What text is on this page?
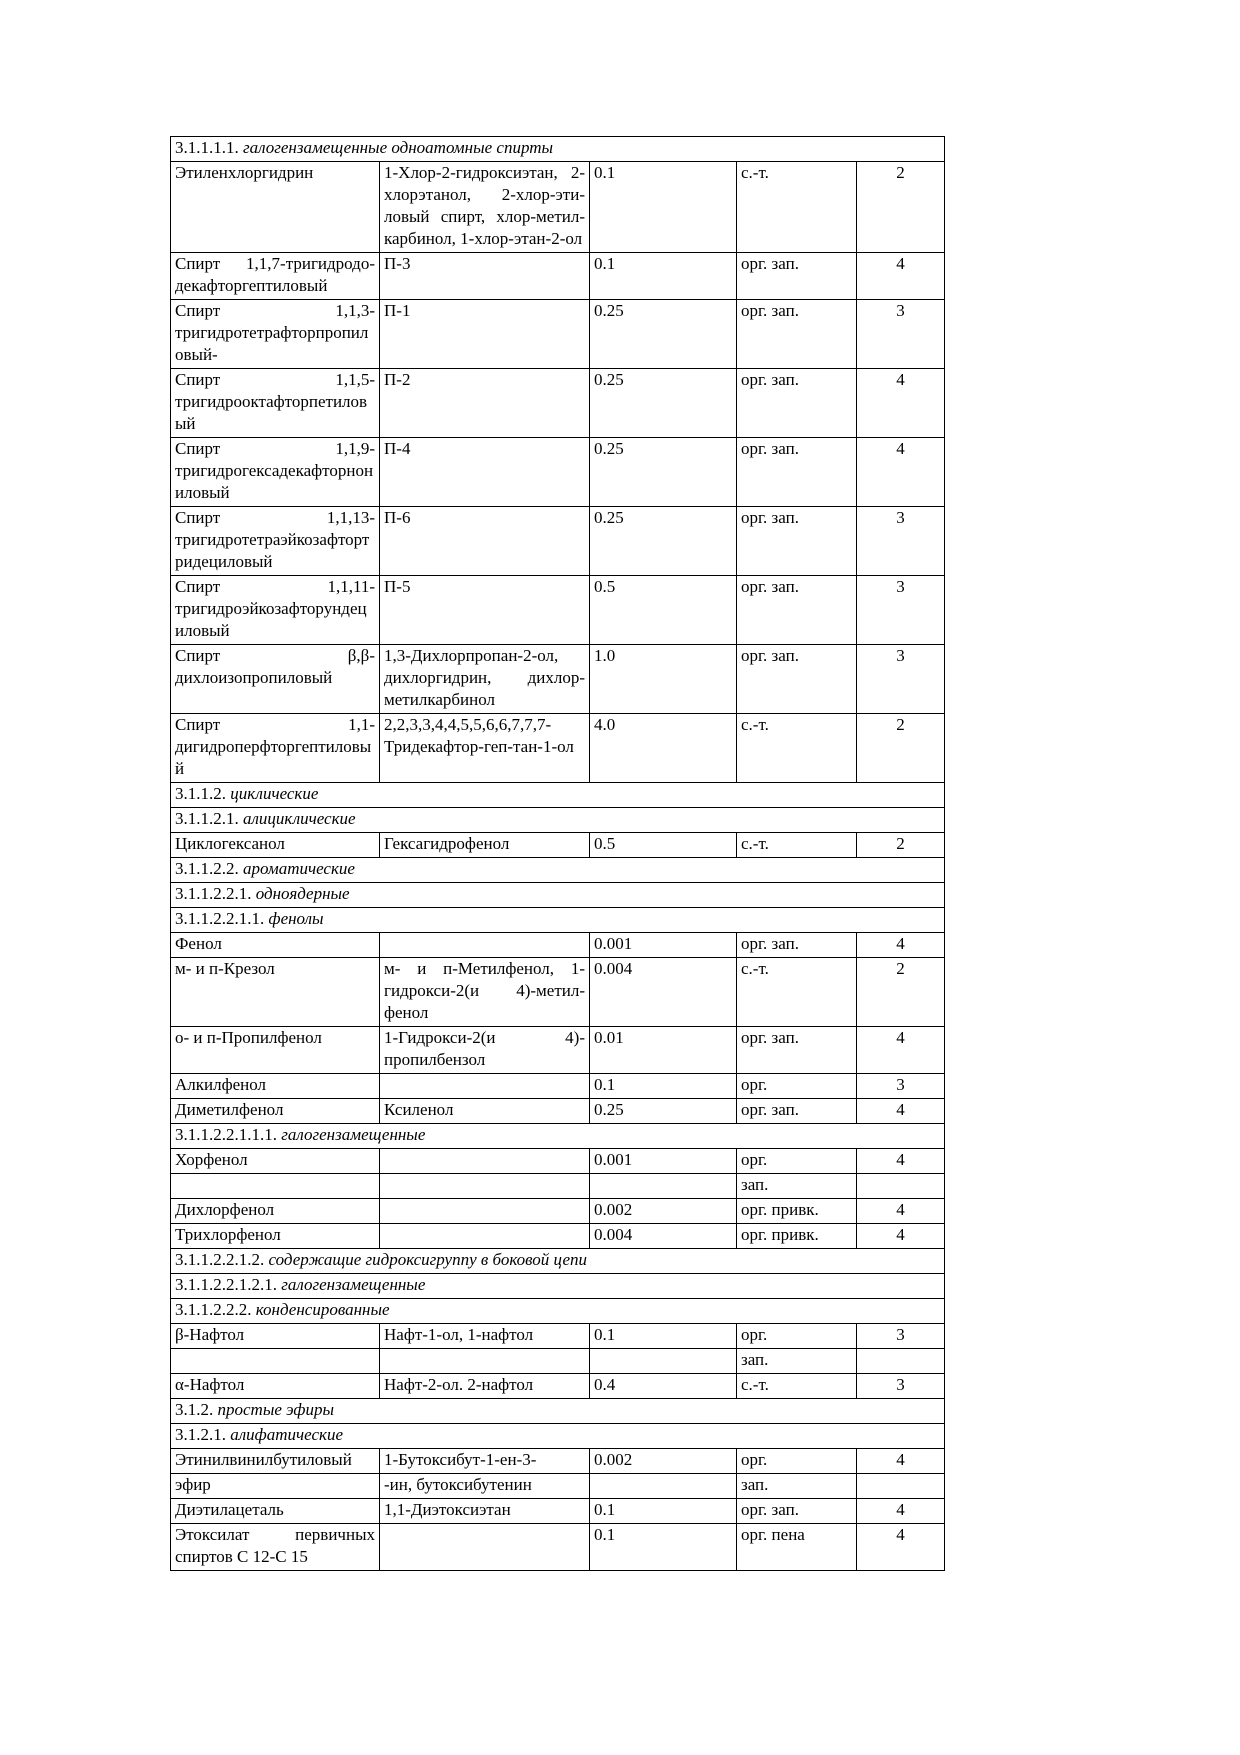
3.1.1.1.1. галогензамещенные одноатомные спирты				
Этиленхлоргидрин	1-Хлор-2-гидроксиэтан, 2-хлорэтанол, 2-хлор-эти-ловый спирт, хлор-метил-карбинол, 1-хлор-этан-2-ол	0.1	с.-т.	2
Спирт 1,1,7-тригидродо-декафторгептиловый	П-3	0.1	орг. зап.	4
Спирт 1,1,3-тригидротетрафторпропиловый-	П-1	0.25	орг. зап.	3
Спирт 1,1,5-тригидрооктафторпетиловый	П-2	0.25	орг. зап.	4
Спирт 1,1,9-тригидрогексадекафторнониловый	П-4	0.25	орг. зап.	4
Спирт 1,1,13-тригидротетраэйкозафтортридециловый	П-6	0.25	орг. зап.	3
Спирт 1,1,11-тригидроэйкозафторундециловый	П-5	0.5	орг. зап.	3
Спирт β,β-дихлоизопропиловый	1,3-Дихлорпропан-2-ол, дихлоргидрин, дихлор-метилкарбинол	1.0	орг. зап.	3
Спирт 1,1-дигидроперфторгептиловый	2,2,3,3,4,4,5,5,6,6,7,7,7-Тридекафтор-геп-тан-1-ол	4.0	с.-т.	2
3.1.1.2. циклические				
3.1.1.2.1. алициклические				
Циклогексанол	Гексагидрофенол	0.5	с.-т.	2
3.1.1.2.2. ароматические				
3.1.1.2.2.1. одноядерные				
3.1.1.2.2.1.1. фенолы				
Фенол		0.001	орг. зап.	4
м- и п-Крезол	м- и п-Метилфенол, 1-гидрокси-2(и 4)-метил-фенол	0.004	с.-т.	2
о- и п-Пропилфенол	1-Гидрокси-2(и 4)-пропилбензол	0.01	орг. зап.	4
Алкилфенол		0.1	орг.	3
Диметилфенол	Ксиленол	0.25	орг. зап.	4
3.1.1.2.2.1.1.1. галогензамещенные				
Хорфенол		0.001	орг.	4
			зап.	
Дихлорфенол		0.002	орг. привк.	4
Трихлорфенол		0.004	орг. привк.	4
3.1.1.2.2.1.2. содержащие гидроксигруппу в боковой цепи				
3.1.1.2.2.1.2.1. галогензамещенные				
3.1.1.2.2.2. конденсированные				
β-Нафтол	Нафт-1-ол, 1-нафтол	0.1	орг.	3
			зап.	
α-Нафтол	Нафт-2-ол. 2-нафтол	0.4	с.-т.	3
3.1.2. простые эфиры				
3.1.2.1. алифатические				
Этинилвинилбутиловый	1-Бутоксибут-1-ен-3-	0.002	орг.	4
эфир	-ин, бутоксибутенин		зап.	
Диэтилацеталь	1,1-Диэтоксиэтан	0.1	орг. зап.	4
Этоксилат первичных спиртов С 12-С 15		0.1	орг. пена	4
